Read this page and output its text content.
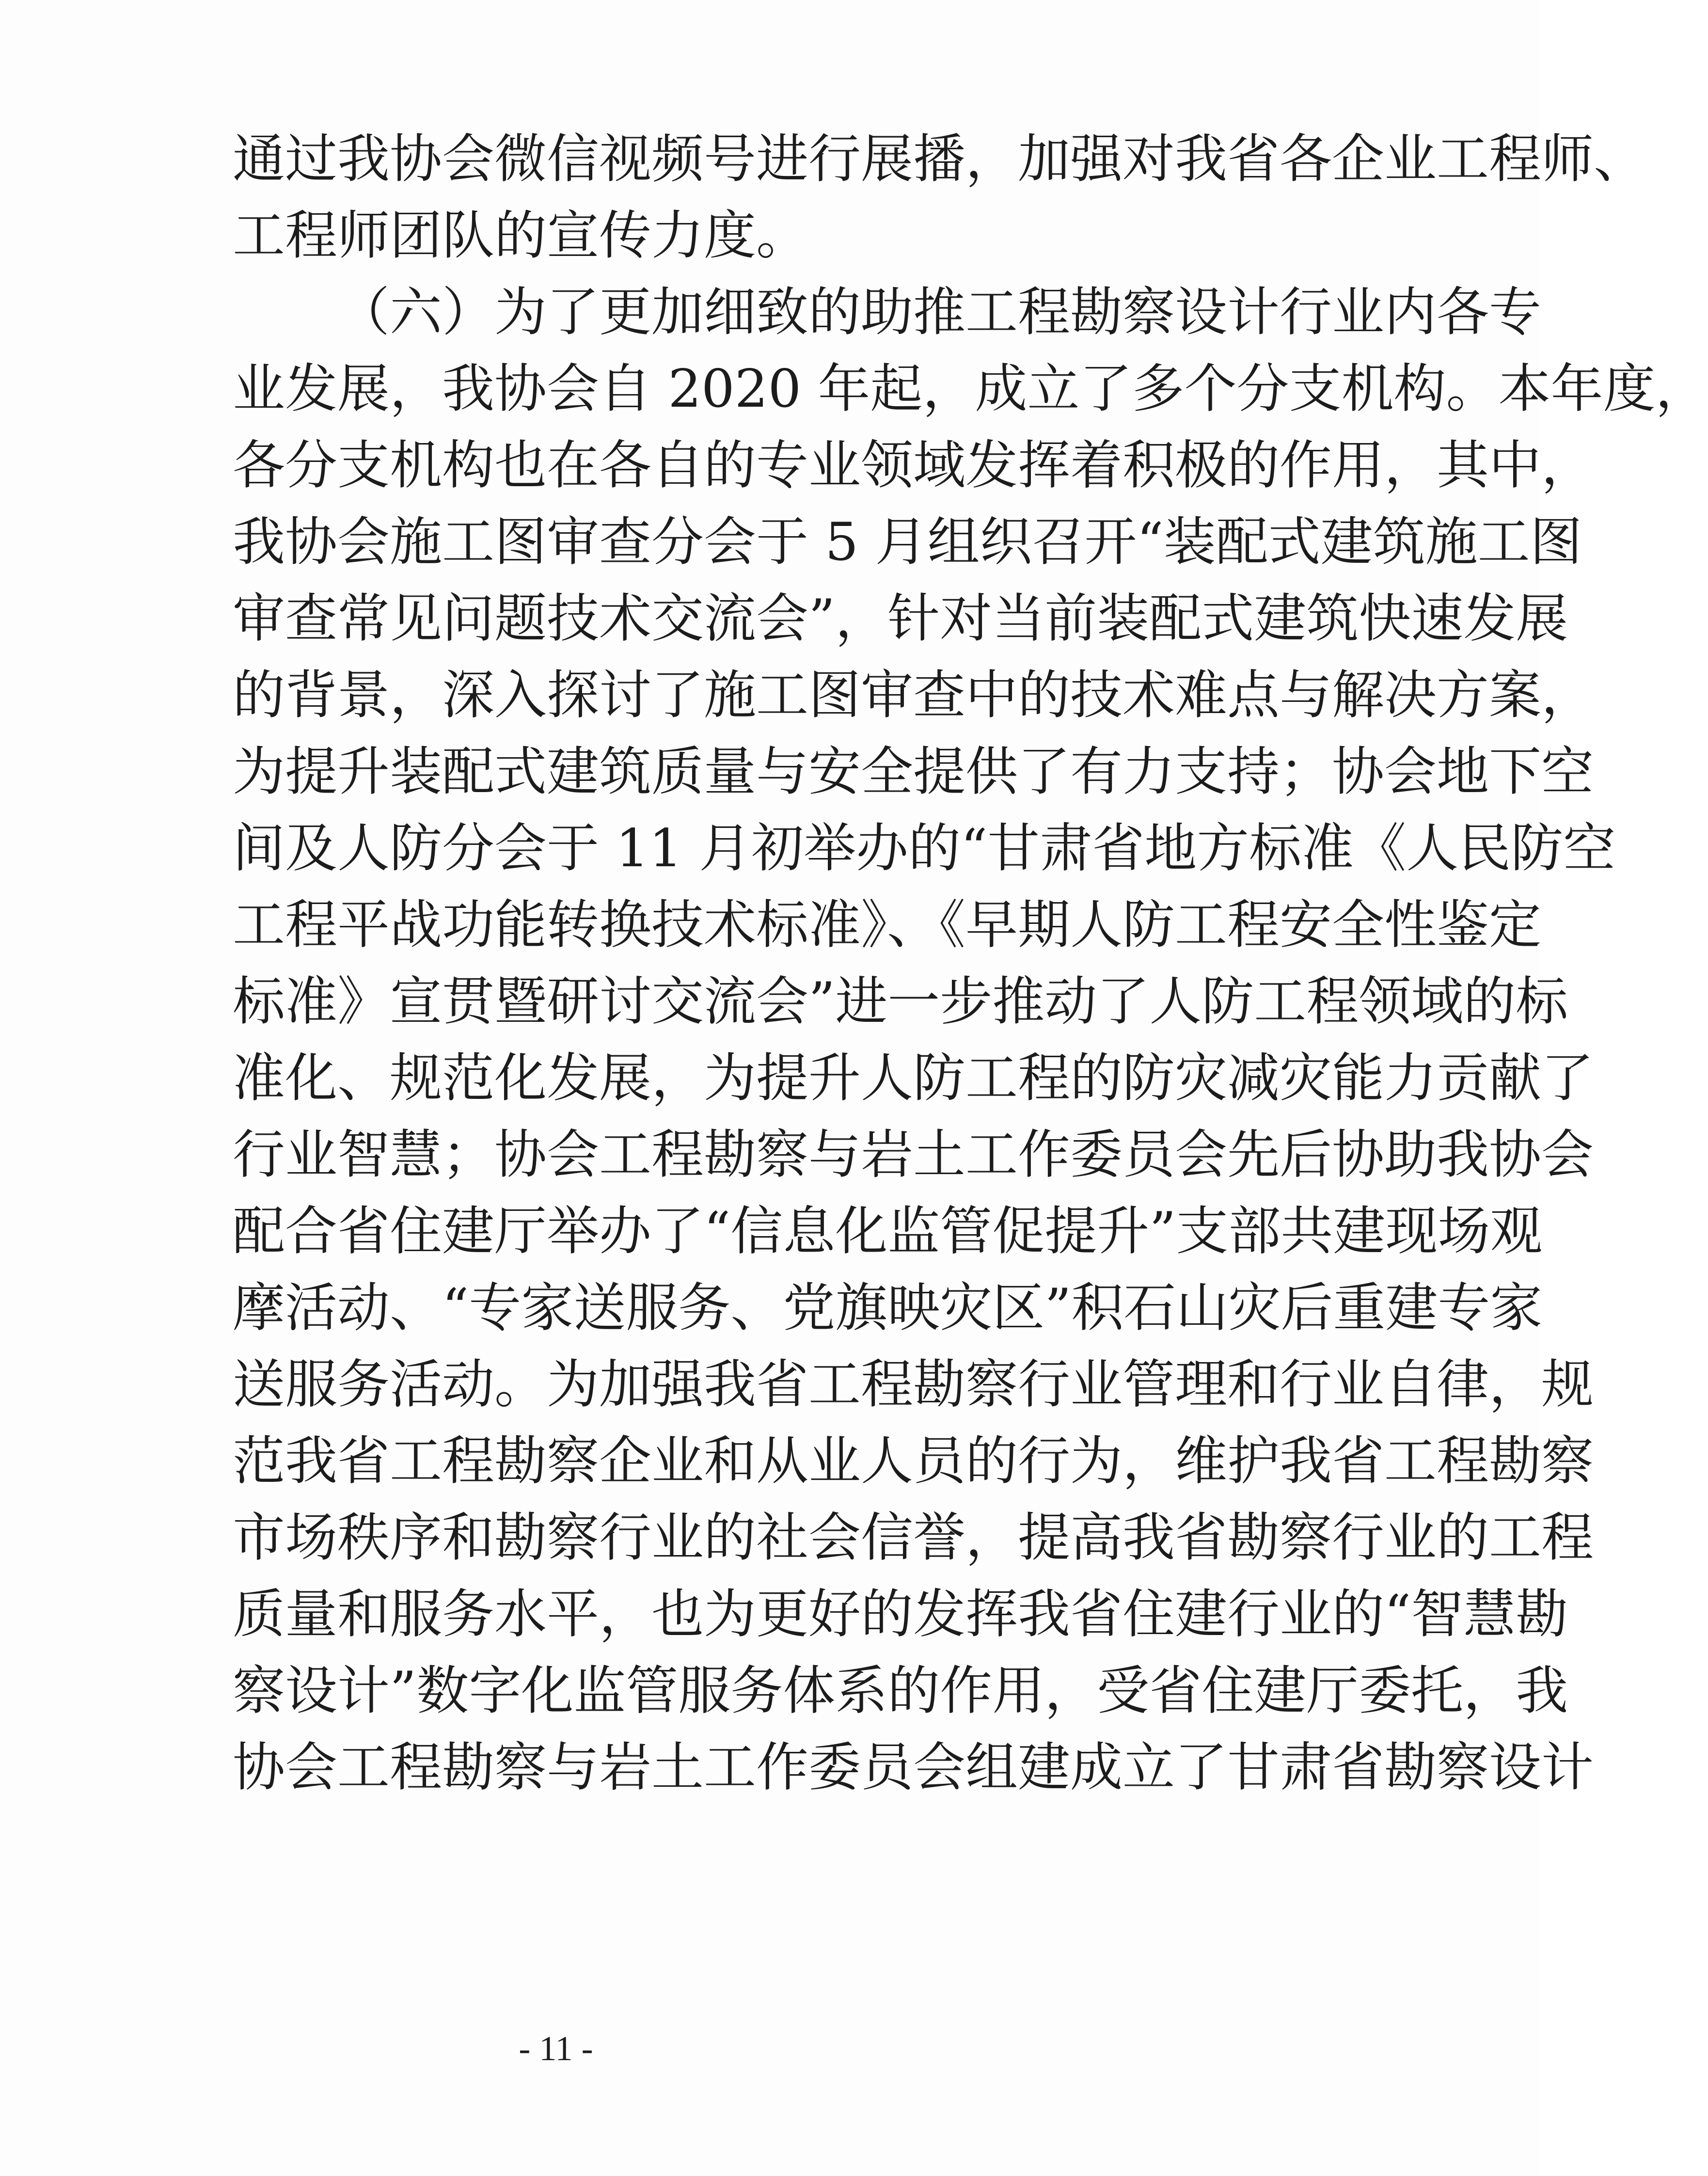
通过我协会微信视频号进行展播，加强对我省各企业工程师、
工程师团队的宣传力度。
（六）为了更加细致的助推工程勘察设计行业内各专
业发展，我协会自 2020 年起，成立了多个分支机构。本年度，
各分支机构也在各自的专业领域发挥着积极的作用，其中，
我协会施工图审查分会于 5 月组织召开“装配式建筑施工图
审查常见问题技术交流会”，针对当前装配式建筑快速发展
的背景，深入探讨了施工图审查中的技术难点与解决方案，
为提升装配式建筑质量与安全提供了有力支持；协会地下空
间及人防分会于 11 月初举办的“甘肃省地方标准《人民防空
工程平战功能转换技术标准》、《早期人防工程安全性鉴定
标准》宣贯暨研讨交流会”进一步推动了人防工程领域的标
准化、规范化发展，为提升人防工程的防灾减灾能力贡献了
行业智慧；协会工程勘察与岩土工作委员会先后协助我协会
配合省住建厅举办了“信息化监管促提升”支部共建现场观
摩活动、“专家送服务、党旗映灾区”积石山灾后重建专家
送服务活动。为加强我省工程勘察行业管理和行业自律，规
范我省工程勘察企业和从业人员的行为，维护我省工程勘察
市场秩序和勘察行业的社会信誉，提高我省勘察行业的工程
质量和服务水平，也为更好的发挥我省住建行业的“智慧勘
察设计”数字化监管服务体系的作用，受省住建厅委托，我
协会工程勘察与岩土工作委员会组建成立了甘肃省勘察设计
- 11 -
